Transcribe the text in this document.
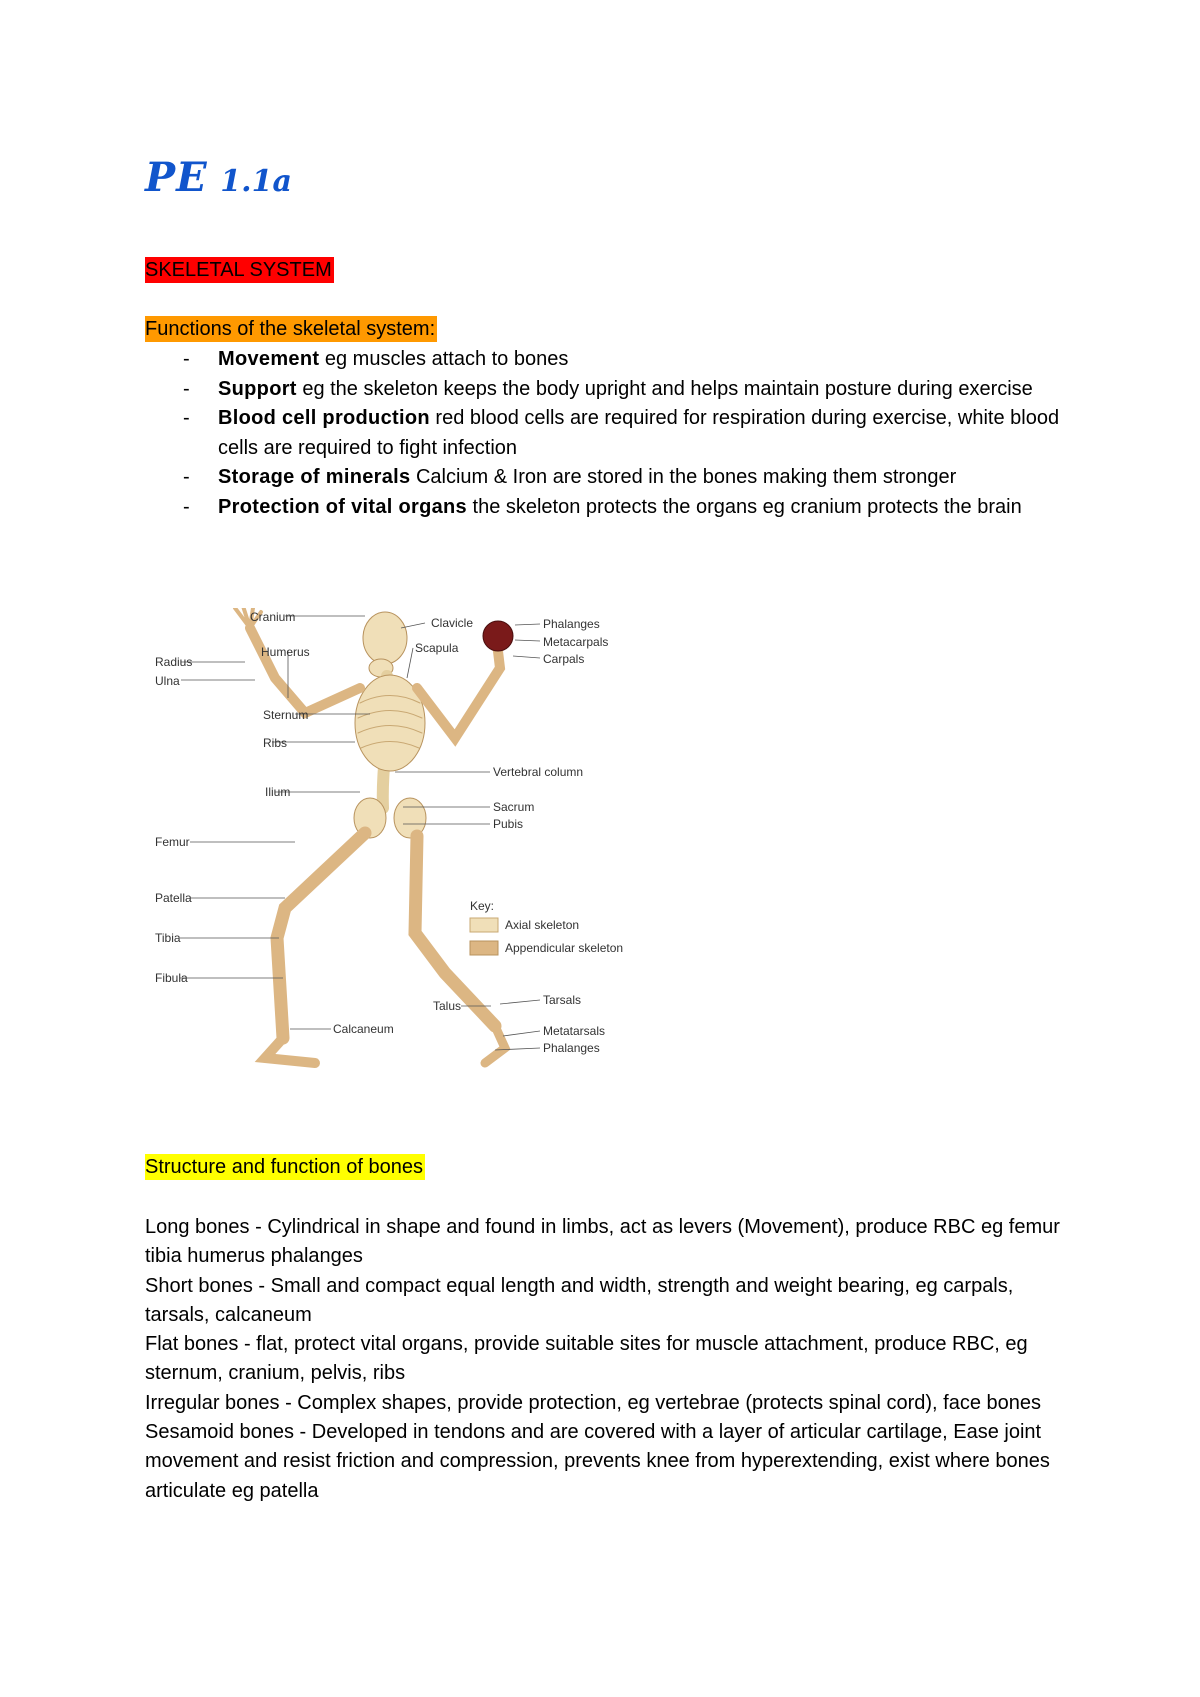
PE 1.1a
SKELETAL SYSTEM
Functions of the skeletal system:
- Movement eg muscles attach to bones
- Support eg the skeleton keeps the body upright and helps maintain posture during exercise
- Blood cell production red blood cells are required for respiration during exercise, white blood cells are required to fight infection
- Storage of minerals Calcium & Iron are stored in the bones making them stronger
- Protection of vital organs the skeleton protects the organs eg cranium protects the brain
Cranium
Humerus
Radius
Ulna
Sternum
Ribs
Ilium
Femur
Patella
Tibia
Fibula
Calcaneum
Clavicle
Scapula
Phalanges
Metacarpals
Carpals
Vertebral column
Sacrum
Pubis
Talus	Tarsals
Metatarsals
Phalanges
Key:
Axial skeleton
Appendicular skeleton
Structure and function of bones

Long bones - Cylindrical in shape and found in limbs, act as levers (Movement), produce RBC eg femur tibia humerus phalanges

Short bones - Small and compact equal length and width, strength and weight bearing, eg carpals, tarsals, calcaneum

Flat bones - flat, protect vital organs, provide suitable sites for muscle attachment, produce RBC, eg sternum, cranium, pelvis, ribs

Irregular bones - Complex shapes, provide protection, eg vertebrae (protects spinal cord), face bones

Sesamoid bones - Developed in tendons and are covered with a layer of articular cartilage, Ease joint movement and resist friction and compression, prevents knee from hyperextending, exist where bones articulate eg patella
